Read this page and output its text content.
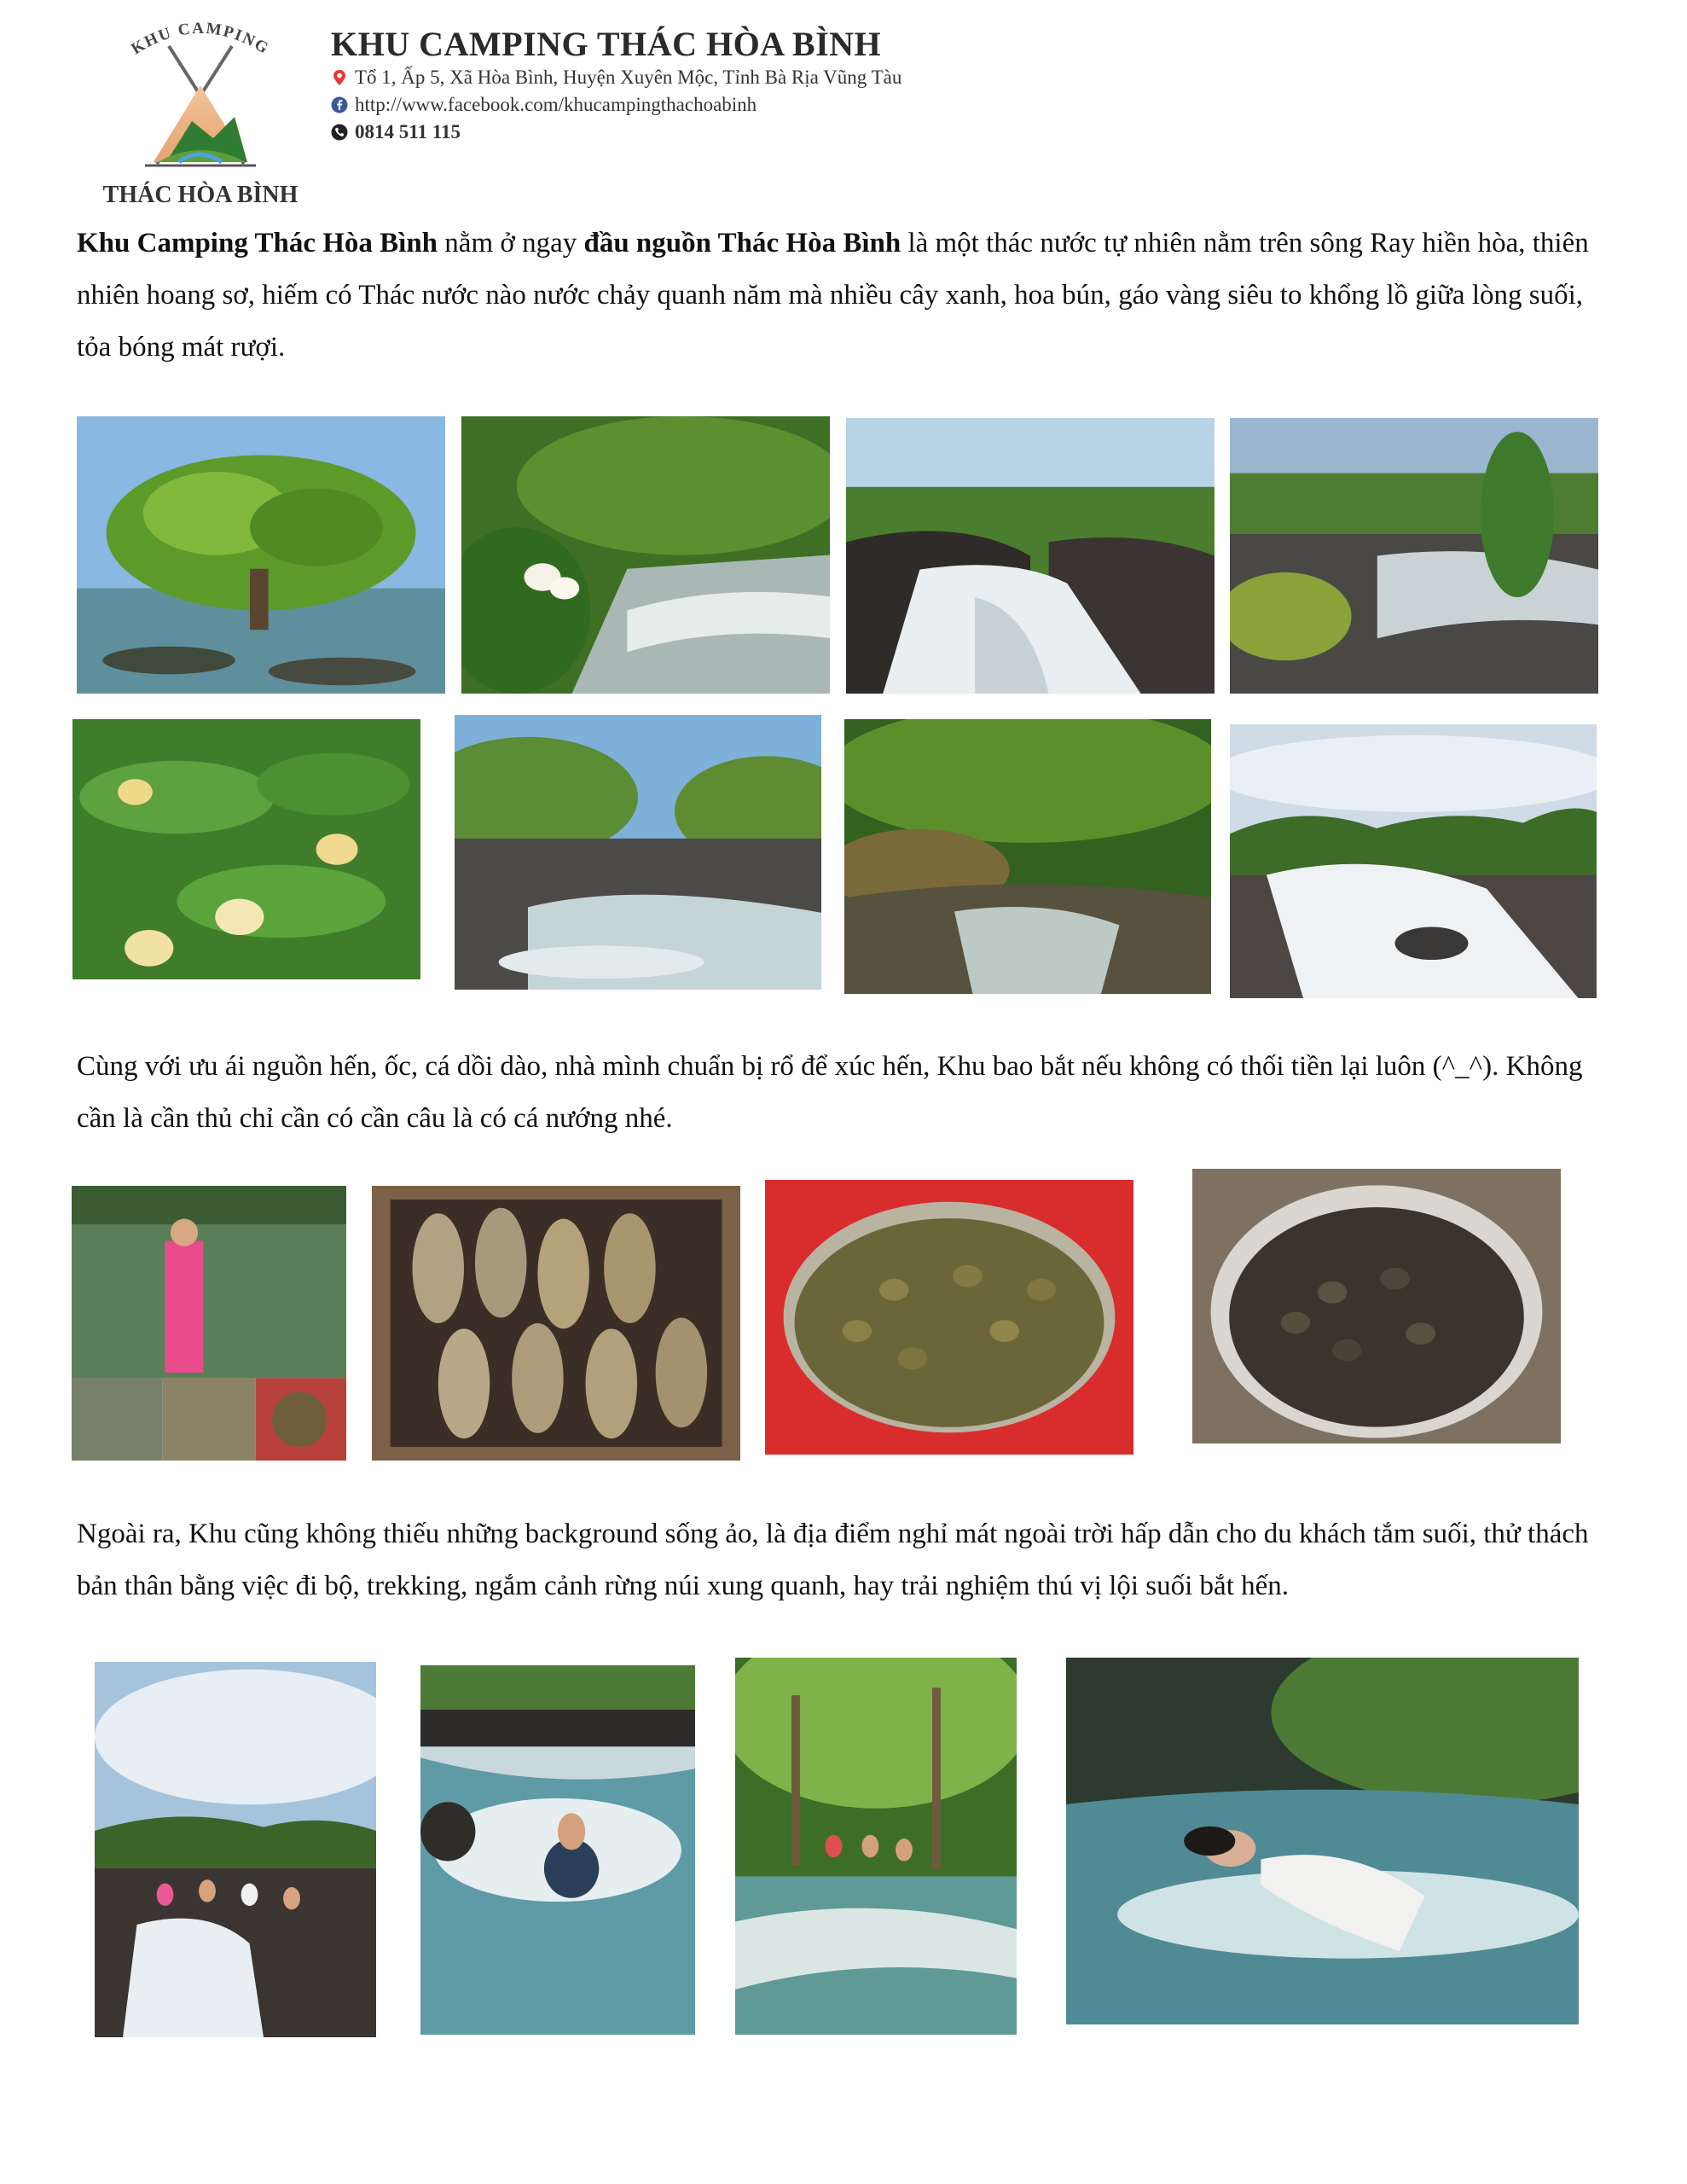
KHU CAMPING
THÁC HÒA BÌNH
KHU CAMPING THÁC HÒA BÌNH
Tổ 1, Ấp 5, Xã Hòa Bình, Huyện Xuyên Mộc, Tỉnh Bà Rịa Vũng Tàu
http://www.facebook.com/khucampingthachoabinh
0814 511 115

Khu Camping Thác Hòa Bình nằm ở ngay đầu nguồn Thác Hòa Bình là một thác nước tự nhiên nằm trên sông Ray hiền hòa, thiên nhiên hoang sơ, hiếm có Thác nước nào nước chảy quanh năm mà nhiều cây xanh, hoa bún, gáo vàng siêu to khổng lồ giữa lòng suối, tỏa bóng mát rượi.

Cùng với ưu ái nguồn hến, ốc, cá dồi dào, nhà mình chuẩn bị rổ để xúc hến, Khu bao bắt nếu không có thối tiền lại luôn (^_^). Không cần là cần thủ chỉ cần có cần câu là có cá nướng nhé.

Ngoài ra, Khu cũng không thiếu những background sống ảo, là địa điểm nghỉ mát ngoài trời hấp dẫn cho du khách tắm suối, thử thách bản thân bằng việc đi bộ, trekking, ngắm cảnh rừng núi xung quanh, hay trải nghiệm thú vị lội suối bắt hến.
